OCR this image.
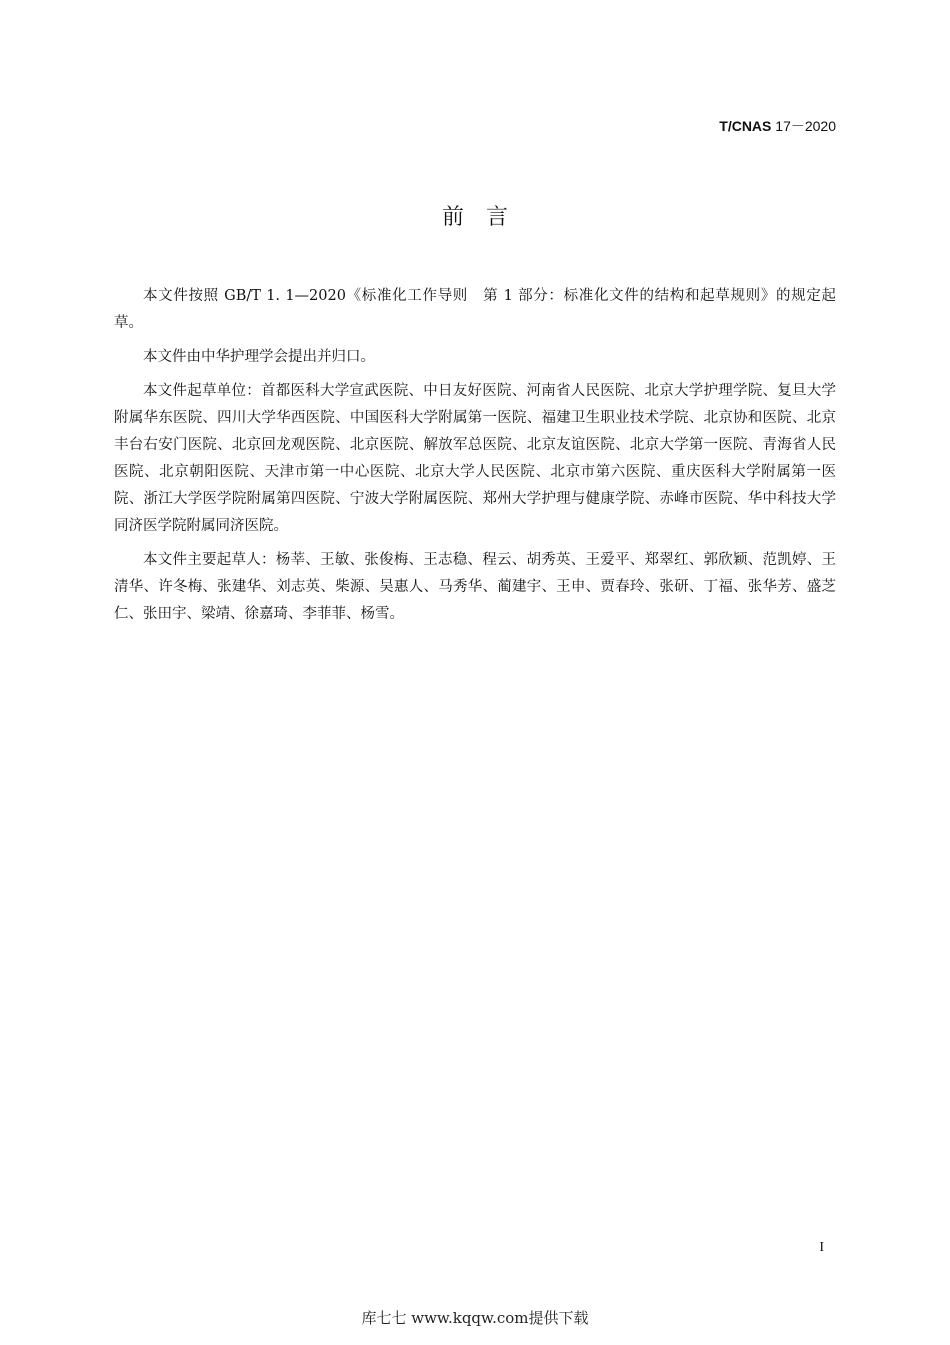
T/CNAS 17－2020
前　言

本文件按照 GB/T 1. 1—2020《标准化工作导则　第 1 部分：标准化文件的结构和起草规则》的规定起草。

本文件由中华护理学会提出并归口。

本文件起草单位：首都医科大学宣武医院、中日友好医院、河南省人民医院、北京大学护理学院、复旦大学附属华东医院、四川大学华西医院、中国医科大学附属第一医院、福建卫生职业技术学院、北京协和医院、北京丰台右安门医院、北京回龙观医院、北京医院、解放军总医院、北京友谊医院、北京大学第一医院、青海省人民医院、北京朝阳医院、天津市第一中心医院、北京大学人民医院、北京市第六医院、重庆医科大学附属第一医院、浙江大学医学院附属第四医院、宁波大学附属医院、郑州大学护理与健康学院、赤峰市医院、华中科技大学同济医学院附属同济医院。

本文件主要起草人：杨莘、王敏、张俊梅、王志稳、程云、胡秀英、王爱平、郑翠红、郭欣颖、范凯婷、王清华、许冬梅、张建华、刘志英、柴源、吴惠人、马秀华、蔺建宇、王申、贾春玲、张研、丁福、张华芳、盛芝仁、张田宇、梁靖、徐嘉琦、李菲菲、杨雪。

I
库七七 www.kqqw.com提供下载
